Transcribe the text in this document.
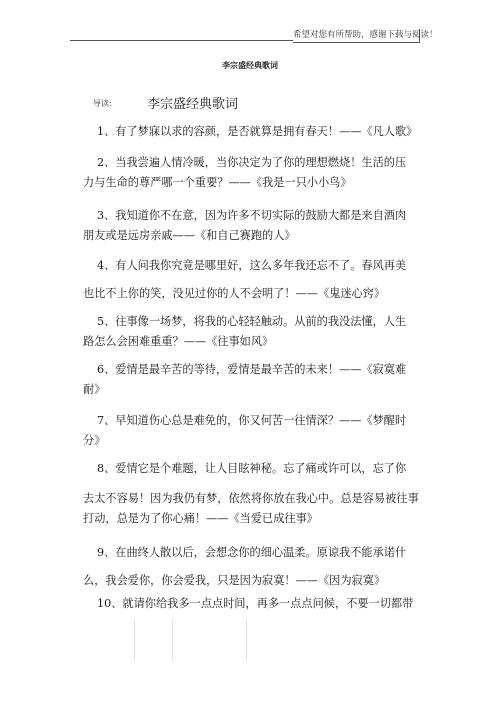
希望对您有所帮助，感谢下载与阅读！
李宗盛经典歌词
导读:	李宗盛经典歌词
1、有了梦寐以求的容颜，是否就算是拥有春天！——《凡人歌》
2、当我尝遍人情冷暖，当你决定为了你的理想燃烧！生活的压
力与生命的尊严哪一个重要？——《我是一只小小鸟》
3、我知道你不在意，因为许多不切实际的鼓励大都是来自酒肉
朋友或是远房亲戚——《和自己赛跑的人》
4、有人问我你究竟是哪里好，这么多年我还忘不了。春风再美
也比不上你的笑，没见过你的人不会明了！——《鬼迷心窍》
5、往事像一场梦，将我的心轻轻触动。从前的我没法懂，人生
路怎么会困难重重？——《往事如风》
6、爱情是最辛苦的等待，爱情是最辛苦的未来！——《寂寞难
耐》
7、早知道伤心总是难免的，你又何苦一往情深？——《梦醒时
分》
8、爱情它是个难题，让人目眩神秘。忘了痛或许可以，忘了你
去太不容易！因为我仍有梦，依然将你放在我心中。总是容易被往事
打动，总是为了你心痛！——《当爱已成往事》
9、在曲终人散以后，会想念你的细心温柔。原谅我不能承诺什
么，我会爱你，你会爱我，只是因为寂寞！——《因为寂寞》
10、就请你给我多一点点时间，再多一点点问候，不要一切都带
